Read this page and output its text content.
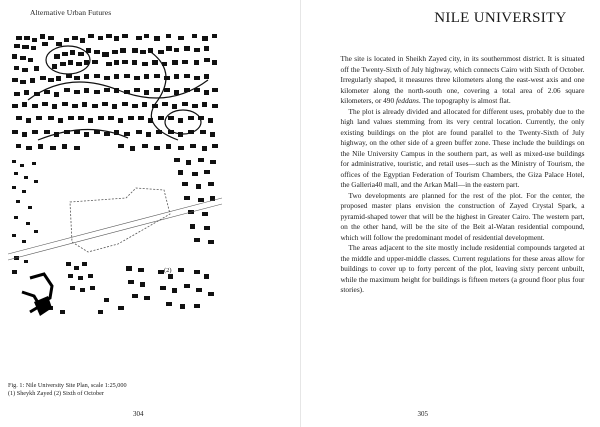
Alternative Urban Futures
(2)
Fig. 1: Nile University Site Plan, scale 1:25,000
(1) Sheykh Zayed (2) Sixth of October
304
NILE UNIVERSITY

The site is located in Sheikh Zayed city, in its southernmost district. It is situated off the Twenty-Sixth of July highway, which connects Cairo with Sixth of October. Irregularly shaped, it measures three kilometers along the east-west axis and one kilometer along the north-south one, covering a total area of 2.06 square kilometers, or 490 feddans. The topography is almost flat.

The plot is already divided and allocated for different uses, probably due to the high land values stemming from its very central location. Currently, the only existing buildings on the plot are found parallel to the Twenty-Sixth of July highway, on the other side of a green buffer zone. These include the buildings on the Nile University Campus in the southern part, as well as mixed-use buildings for administrative, touristic, and retail uses—such as the Ministry of Tourism, the offices of the Egyptian Federation of Tourism Chambers, the Giza Palace Hotel, the Galleria40 mall, and the Arkan Mall—in the eastern part.

Two developments are planned for the rest of the plot. For the center, the proposed master plans envision the construction of Zayed Crystal Spark, a pyramid-shaped tower that will be the highest in Greater Cairo. The western part, on the other hand, will be the site of the Beit al-Watan residential compound, which will follow the predominant model of residential development.

The areas adjacent to the site mostly include residential compounds targeted at the middle and upper-middle classes. Current regulations for these areas allow for buildings to cover up to forty percent of the plot, leaving sixty percent unbuilt, while the maximum height for buildings is fifteen meters (a ground floor plus four stories).

305
